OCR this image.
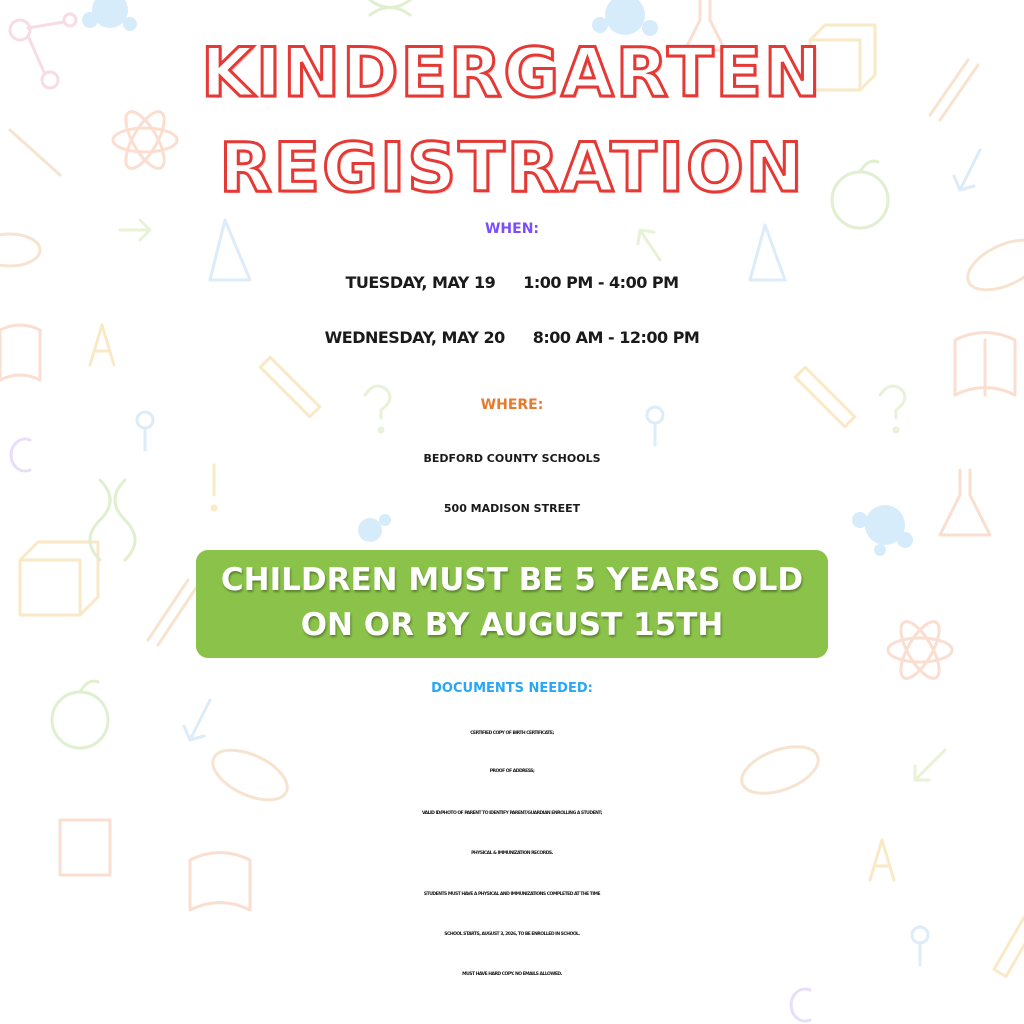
KINDERGARTEN
REGISTRATION
WHEN:
TUESDAY, MAY 19 1:00 PM - 4:00 PM
WEDNESDAY, MAY 20 8:00 AM - 12:00 PM
WHERE:
BEDFORD COUNTY SCHOOLS
500 MADISON STREET
CHILDREN MUST BE 5 YEARS OLD
ON OR BY AUGUST 15TH
DOCUMENTS NEEDED:
CERTIFIED COPY OF BIRTH CERTIFICATE;
PROOF OF ADDRESS;
VALID ID/PHOTO OF PARENT TO IDENTIFY PARENT/GUARDIAN ENROLLING A STUDENT;
PHYSICAL & IMMUNIZATION RECORDS.
STUDENTS MUST HAVE A PHYSICAL AND IMMUNIZATIONS COMPLETED AT THE TIME
SCHOOL STARTS, AUGUST 3, 2026, TO BE ENROLLED IN SCHOOL.
MUST HAVE HARD COPY. NO EMAILS ALLOWED.
